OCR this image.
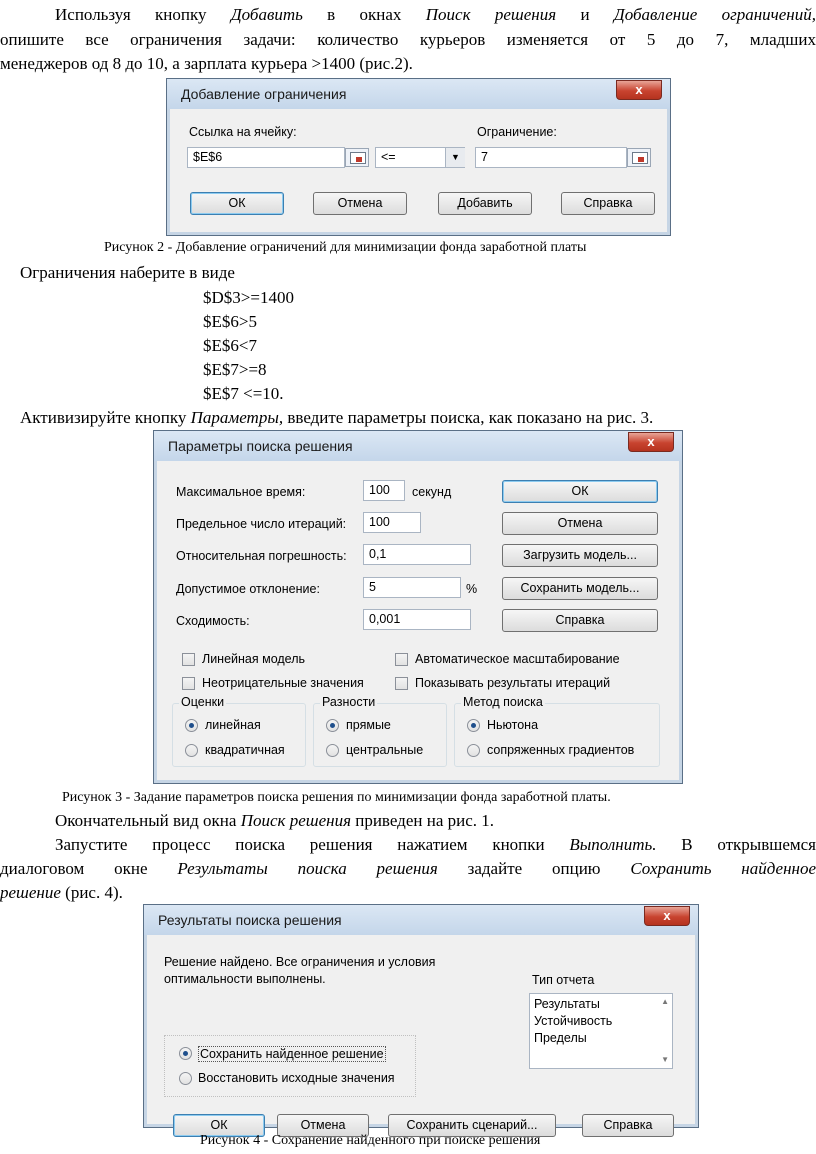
Используя кнопку Добавить в окнах Поиск решения и Добавление ограничений,
опишите все ограничения задачи: количество курьеров изменяется от 5 до 7, младших
менеджеров од 8 до 10, а зарплата курьера >1400 (рис.2).
Добавление ограничения	x
Ссылка на ячейку:
$E$6	<=	▼
Ограничение:
7
ОК	Отмена	Добавить	Справка
Рисунок 2 - Добавление ограничений для минимизации фонда заработной платы
Ограничения наберите в виде
$D$3>=1400
$E$6>5
$E$6<7
$E$7>=8
$E$7 <=10.
Активизируйте кнопку Параметры, введите параметры поиска, как показано на рис. 3.
Параметры поиска решения	x
Максимальное время:	100	секунд
Предельное число итераций:	100
Относительная погрешность:	0,1
Допустимое отклонение:	5	%
Сходимость:	0,001
ОК
Отмена
Загрузить модель...
Сохранить модель...
Справка
Линейная модель	Автоматическое масштабирование
Неотрицательные значения	Показывать результаты итераций
Оценки
линейная
квадратичная
Разности
прямые
центральные
Метод поиска
Ньютона
сопряженных градиентов
Рисунок 3 - Задание параметров поиска решения по минимизации фонда заработной платы.
Окончательный вид окна Поиск решения приведен на рис. 1.
Запустите процесс поиска решения нажатием кнопки Выполнить. В открывшемся
диалоговом окне Результаты поиска решения задайте опцию Сохранить найденное
решение (рис. 4).
Результаты поиска решения	x
Решение найдено. Все ограничения и условия
оптимальности выполнены.	Тип отчета
Результаты
Устойчивость
Пределы
▼
▲
Сохранить найденное решение
Восстановить исходные значения
ОК	Отмена	Сохранить сценарий...	Справка
Рисунок 4 - Сохранение найденного при поиске решения
